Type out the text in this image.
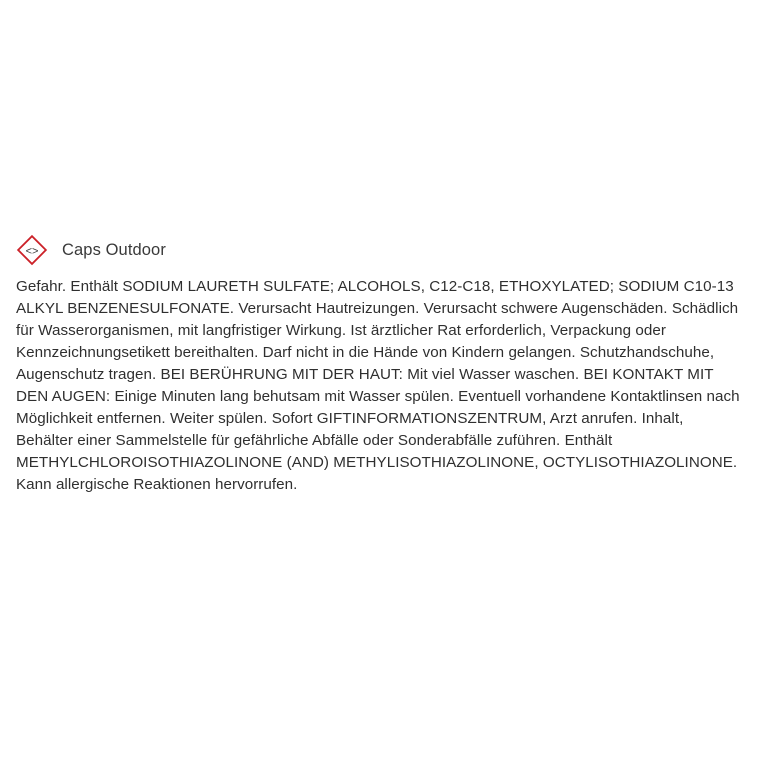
<> Caps Outdoor
Gefahr. Enthält SODIUM LAURETH SULFATE; ALCOHOLS, C12-C18, ETHOXYLATED; SODIUM C10-13 ALKYL BENZENESULFONATE. Verursacht Hautreizungen. Verursacht schwere Augenschäden. Schädlich für Wasserorganismen, mit langfristiger Wirkung. Ist ärztlicher Rat erforderlich, Verpackung oder Kennzeichnungsetikett bereithalten. Darf nicht in die Hände von Kindern gelangen. Schutzhandschuhe, Augenschutz tragen. BEI BERÜHRUNG MIT DER HAUT: Mit viel Wasser waschen. BEI KONTAKT MIT DEN AUGEN: Einige Minuten lang behutsam mit Wasser spülen. Eventuell vorhandene Kontaktlinsen nach Möglichkeit entfernen. Weiter spülen. Sofort GIFTINFORMATIONSZENTRUM, Arzt anrufen. Inhalt, Behälter einer Sammelstelle für gefährliche Abfälle oder Sonderabfälle zuführen. Enthält METHYLCHLOROISOTHIAZOLINONE (AND) METHYLISOTHIAZOLINONE, OCTYLISOTHIAZOLINONE. Kann allergische Reaktionen hervorrufen.
